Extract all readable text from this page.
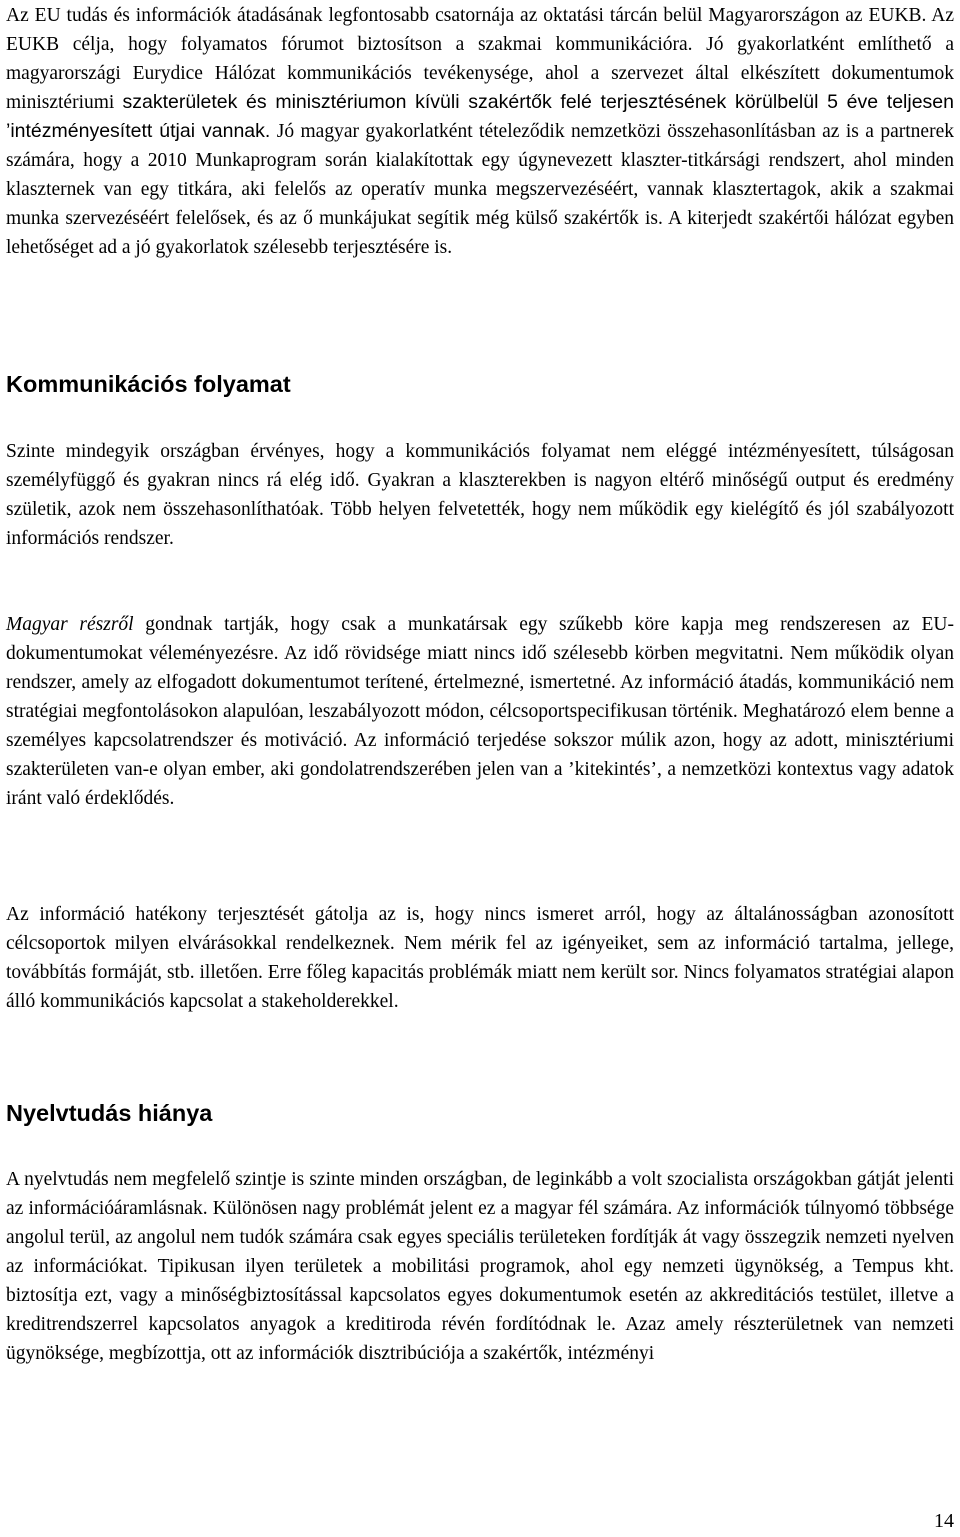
Az EU tudás és információk átadásának legfontosabb csatornája az oktatási tárcán belül Magyarországon az EUKB. Az EUKB célja, hogy folyamatos fórumot biztosítson a szakmai kommunikációra. Jó gyakorlatként említhető a magyarországi Eurydice Hálózat kommunikációs tevékenysége, ahol a szervezet által elkészített dokumentumok minisztériumi szakterületek és minisztériumon kívüli szakértők felé terjesztésének körülbelül 5 éve teljesen ’intézményesített útjai vannak. Jó magyar gyakorlatként tételeződik nemzetközi összehasonlításban az is a partnerek számára, hogy a 2010 Munkaprogram során kialakítottak egy úgynevezett klaszter-titkársági rendszert, ahol minden klaszternek van egy titkára, aki felelős az operatív munka megszervezéséért, vannak klasztertagok, akik a szakmai munka szervezéséért felelősek, és az ő munkájukat segítik még külső szakértők is. A kiterjedt szakértői hálózat egyben lehetőséget ad a jó gyakorlatok szélesebb terjesztésére is.

Kommunikációs folyamat

Szinte mindegyik országban érvényes, hogy a kommunikációs folyamat nem eléggé intézményesített, túlságosan személyfüggő és gyakran nincs rá elég idő. Gyakran a klaszterekben is nagyon eltérő minőségű output és eredmény születik, azok nem összehasonlíthatóak. Több helyen felvetették, hogy nem működik egy kielégítő és jól szabályozott információs rendszer.

Magyar részről gondnak tartják, hogy csak a munkatársak egy szűkebb köre kapja meg rendszeresen az EU-dokumentumokat véleményezésre. Az idő rövidsége miatt nincs idő szélesebb körben megvitatni. Nem működik olyan rendszer, amely az elfogadott dokumentumot terítené, értelmezné, ismertetné. Az információ átadás, kommunikáció nem stratégiai megfontolásokon alapulóan, leszabályozott módon, célcsoportspecifikusan történik. Meghatározó elem benne a személyes kapcsolatrendszer és motiváció. Az információ terjedése sokszor múlik azon, hogy az adott, minisztériumi szakterületen van-e olyan ember, aki gondolatrendszerében jelen van a ’kitekintés’, a nemzetközi kontextus vagy adatok iránt való érdeklődés.

Az információ hatékony terjesztését gátolja az is, hogy nincs ismeret arról, hogy az általánosságban azonosított célcsoportok milyen elvárásokkal rendelkeznek. Nem mérik fel az igényeiket, sem az információ tartalma, jellege, továbbítás formáját, stb. illetően. Erre főleg kapacitás problémák miatt nem került sor. Nincs folyamatos stratégiai alapon álló kommunikációs kapcsolat a stakeholderekkel.

Nyelvtudás hiánya

A nyelvtudás nem megfelelő szintje is szinte minden országban, de leginkább a volt szocialista országokban gátját jelenti az információáramlásnak. Különösen nagy problémát jelent ez a magyar fél számára. Az információk túlnyomó többsége angolul terül, az angolul nem tudók számára csak egyes speciális területeken fordítják át vagy összegzik nemzeti nyelven az információkat. Tipikusan ilyen területek a mobilitási programok, ahol egy nemzeti ügynökség, a Tempus kht. biztosítja ezt, vagy a minőségbiztosítással kapcsolatos egyes dokumentumok esetén az akkreditációs testület, illetve a kreditrendszerrel kapcsolatos anyagok a kreditiroda révén fordítódnak le. Azaz amely részterületnek van nemzeti ügynöksége, megbízottja, ott az információk disztribúciója a szakértők, intézményi

14
